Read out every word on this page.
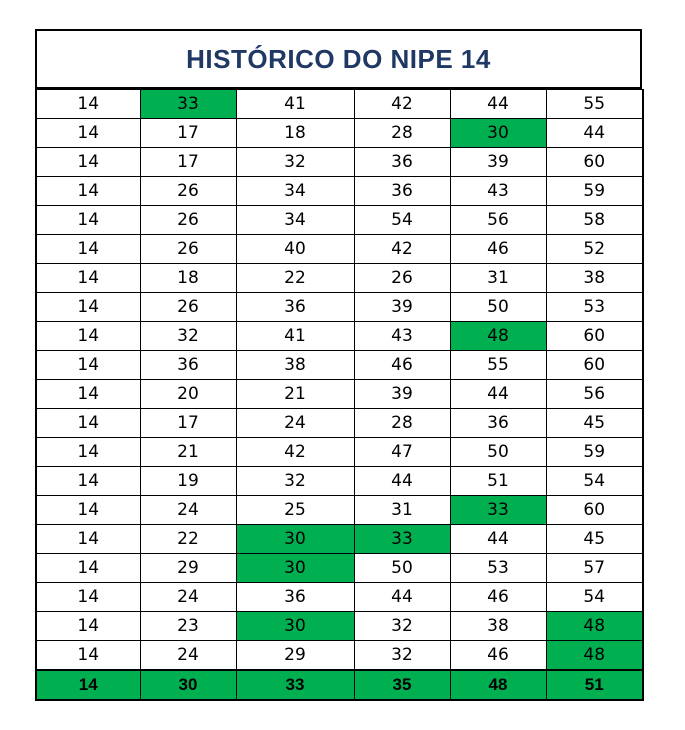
HISTÓRICO DO NIPE 14
14	33	41	42	44	55
14	17	18	28	30	44
14	17	32	36	39	60
14	26	34	36	43	59
14	26	34	54	56	58
14	26	40	42	46	52
14	18	22	26	31	38
14	26	36	39	50	53
14	32	41	43	48	60
14	36	38	46	55	60
14	20	21	39	44	56
14	17	24	28	36	45
14	21	42	47	50	59
14	19	32	44	51	54
14	24	25	31	33	60
14	22	30	33	44	45
14	29	30	50	53	57
14	24	36	44	46	54
14	23	30	32	38	48
14	24	29	32	46	48
14	30	33	35	48	51
